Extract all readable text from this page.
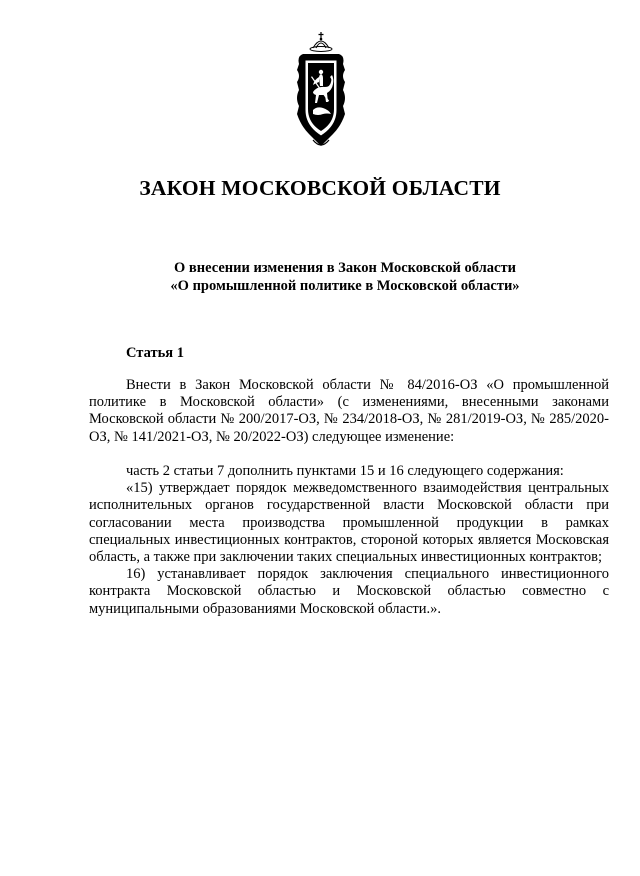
ЗАКОН МОСКОВСКОЙ ОБЛАСТИ
О внесении изменения в Закон Московской области
«О промышленной политике в Московской области»
Статья 1

Внести в Закон Московской области № 84/2016-ОЗ «О промышленной политике в Московской области» (с изменениями, внесенными законами Московской области № 200/2017-ОЗ, № 234/2018-ОЗ, № 281/2019-ОЗ, № 285/2020-ОЗ, № 141/2021-ОЗ, № 20/2022-ОЗ) следующее изменение:

часть 2 статьи 7 дополнить пунктами 15 и 16 следующего содержания:

«15) утверждает порядок межведомственного взаимодействия центральных исполнительных органов государственной власти Московской области при согласовании места производства промышленной продукции в рамках специальных инвестиционных контрактов, стороной которых является Московская область, а также при заключении таких специальных инвестиционных контрактов;

16) устанавливает порядок заключения специального инвестиционного контракта Московской областью и Московской областью совместно с муниципальными образованиями Московской области.».
